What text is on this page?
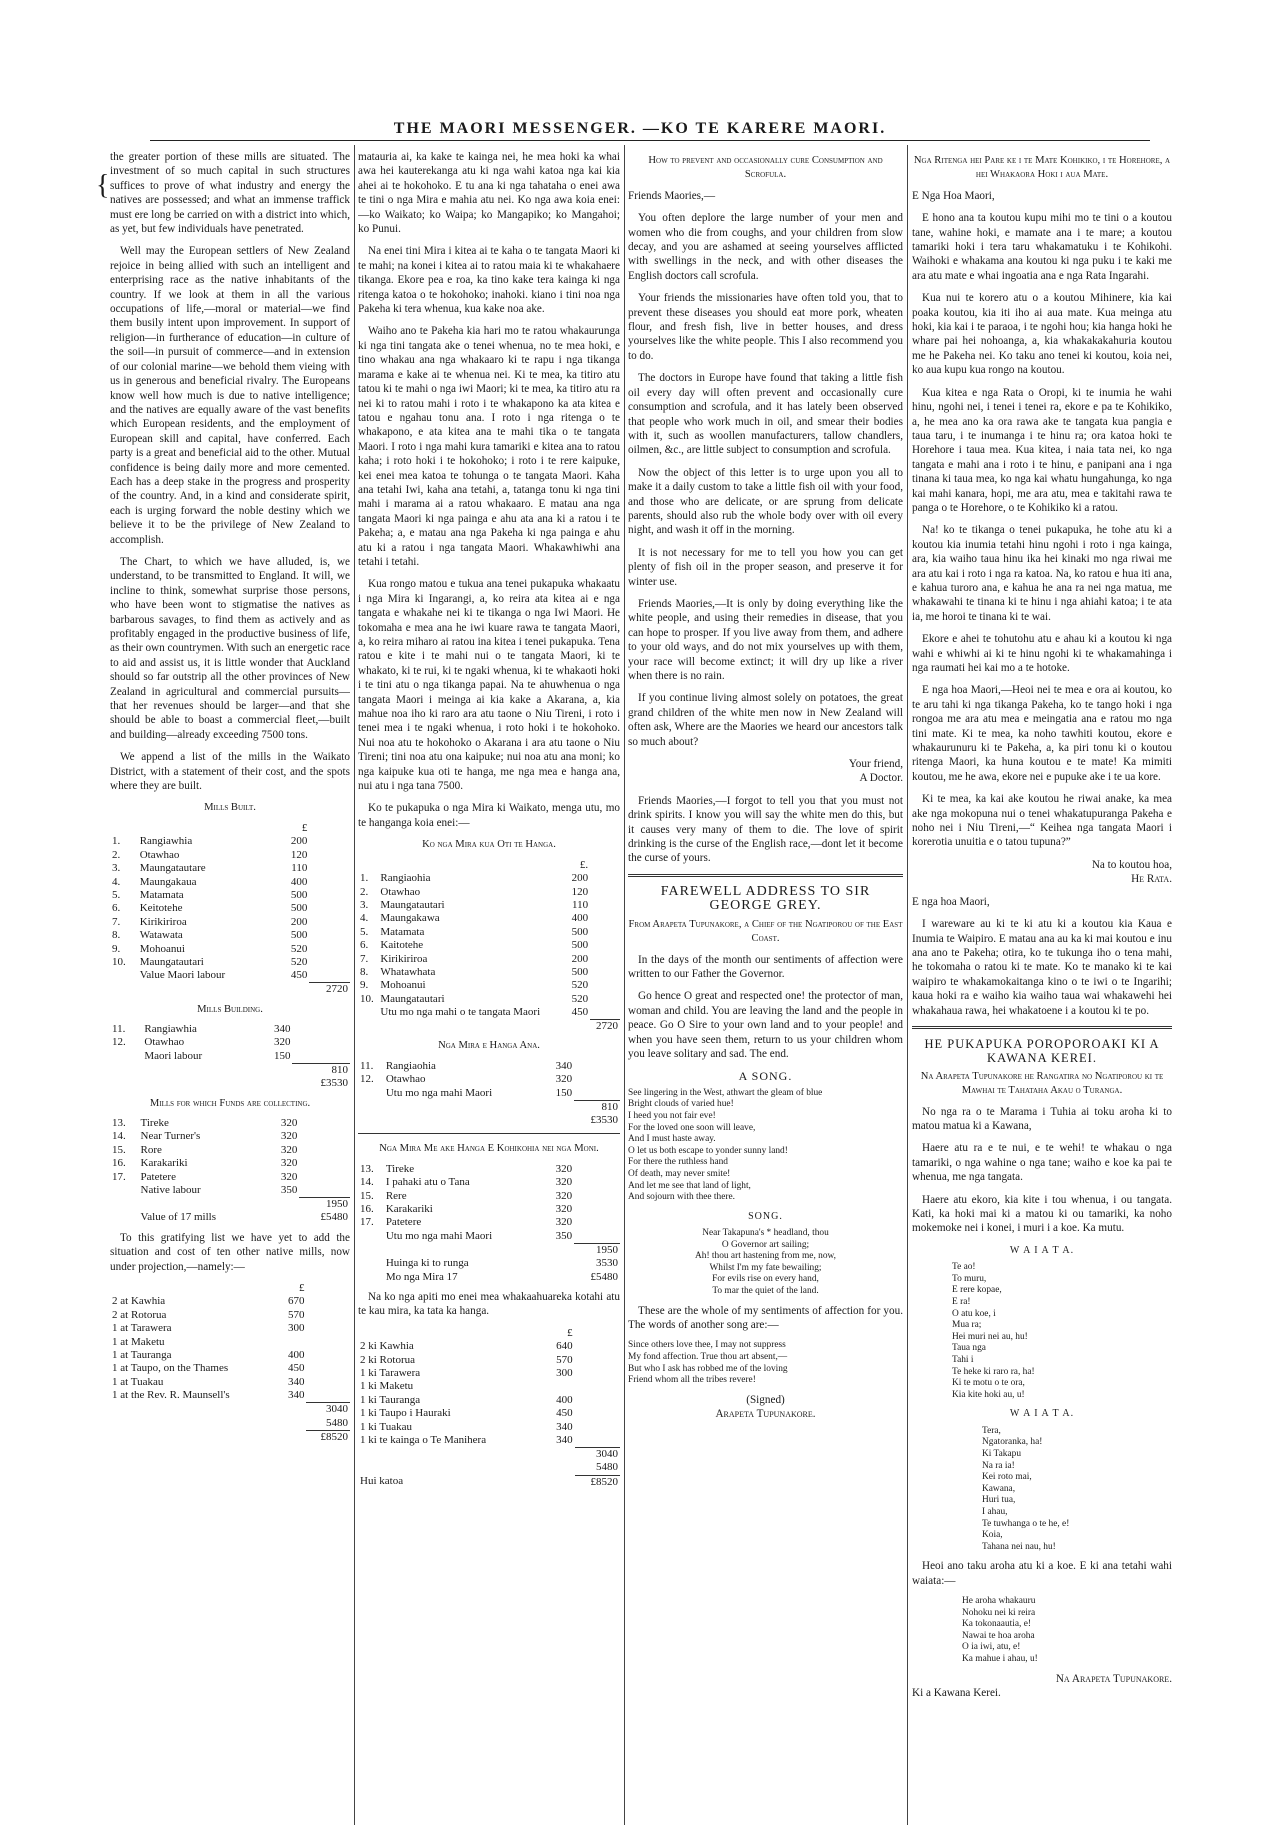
THE MAORI MESSENGER. —KO TE KARERE MAORI.
{

the greater portion of these mills are situated. The investment of so much capital in such structures suffices to prove of what industry and energy the natives are possessed; and what an immense traffick must ere long be carried on with a district into which, as yet, but few individuals have penetrated.

Well may the European settlers of New Zealand rejoice in being allied with such an intelligent and enterprising race as the native inhabitants of the country. If we look at them in all the various occupations of life,—moral or material—we find them busily intent upon improvement. In support of religion—in furtherance of education—in culture of the soil—in pursuit of commerce—and in extension of our colonial marine—we behold them vieing with us in generous and beneficial rivalry. The Europeans know well how much is due to native intelligence; and the natives are equally aware of the vast benefits which European residents, and the employment of European skill and capital, have conferred. Each party is a great and beneficial aid to the other. Mutual confidence is being daily more and more cemented. Each has a deep stake in the progress and prosperity of the country. And, in a kind and considerate spirit, each is urging forward the noble destiny which we believe it to be the privilege of New Zealand to accomplish.

The Chart, to which we have alluded, is, we understand, to be transmitted to England. It will, we incline to think, somewhat surprise those persons, who have been wont to stigmatise the natives as barbarous savages, to find them as actively and as profitably engaged in the productive business of life, as their own countrymen. With such an energetic race to aid and assist us, it is little wonder that Auckland should so far outstrip all the other provinces of New Zealand in agricultural and commercial pursuits—that her revenues should be larger—and that she should be able to boast a commercial fleet,—built and building—already exceeding 7500 tons.

We append a list of the mills in the Waikato District, with a statement of their cost, and the spots where they are built.

Mills Built.
		£	
1.	Rangiawhia	200	
2.	Otawhao	120	
3.	Maungatautare	110	
4.	Maungakaua	400	
5.	Matamata	500	
6.	Keitotehe	500	
7.	Kirikiriroa	200	
8.	Watawata	500	
9.	Mohoanui	520	
10.	Maungatautari	520	
	Value Maori labour	450	
			2720
Mills Building.
11.	Rangiawhia	340	
12.	Otawhao	320	
	Maori labour	150	
			810
			£3530
Mills for which Funds are collecting.
13.	Tireke	320	
14.	Near Turner's	320	
15.	Rore	320	
16.	Karakariki	320	
17.	Patetere	320	
	Native labour	350	
			1950
	Value of 17 mills		£5480

To this gratifying list we have yet to add the situation and cost of ten other native mills, now under projection,—namely:—

	£	
2 at Kawhia	670	
2 at Rotorua	570	
1 at Tarawera	300	
1 at Maketu		
1 at Tauranga	400	
1 at Taupo, on the Thames	450	
1 at Tuakau	340	
1 at the Rev. R. Maunsell's	340	
		3040
		5480
		£8520

matauria ai, ka kake te kainga nei, he mea hoki ka whai awa hei kauterekanga atu ki nga wahi katoa nga kai kia ahei ai te hokohoko. E tu ana ki nga tahataha o enei awa te tini o nga Mira e mahia atu nei. Ko nga awa koia enei:—ko Waikato; ko Waipa; ko Mangapiko; ko Mangahoi; ko Punui.

Na enei tini Mira i kitea ai te kaha o te tangata Maori ki te mahi; na konei i kitea ai to ratou maia ki te whakahaere tikanga. Ekore pea e roa, ka tino kake tera kainga ki nga ritenga katoa o te hokohoko; inahoki. kiano i tini noa nga Pakeha ki tera whenua, kua kake noa ake.

Waiho ano te Pakeha kia hari mo te ratou whakaurunga ki nga tini tangata ake o tenei whenua, no te mea hoki, e tino whakau ana nga whakaaro ki te rapu i nga tikanga marama e kake ai te whenua nei. Ki te mea, ka titiro atu tatou ki te mahi o nga iwi Maori; ki te mea, ka titiro atu ra nei ki to ratou mahi i roto i te whakapono ka ata kitea e tatou e ngahau tonu ana. I roto i nga ritenga o te whakapono, e ata kitea ana te mahi tika o te tangata Maori. I roto i nga mahi kura tamariki e kitea ana to ratou kaha; i roto hoki i te hokohoko; i roto i te rere kaipuke, kei enei mea katoa te tohunga o te tangata Maori. Kaha ana tetahi Iwi, kaha ana tetahi, a, tatanga tonu ki nga tini mahi i marama ai a ratou whakaaro. E matau ana nga tangata Maori ki nga painga e ahu ata ana ki a ratou i te Pakeha; a, e matau ana nga Pakeha ki nga painga e ahu atu ki a ratou i nga tangata Maori. Whakawhiwhi ana tetahi i tetahi.

Kua rongo matou e tukua ana tenei pukapuka whakaatu i nga Mira ki Ingarangi, a, ko reira ata kitea ai e nga tangata e whakahe nei ki te tikanga o nga Iwi Maori. He tokomaha e mea ana he iwi kuare rawa te tangata Maori, a, ko reira miharo ai ratou ina kitea i tenei pukapuka. Tena ratou e kite i te mahi nui o te tangata Maori, ki te whakato, ki te rui, ki te ngaki whenua, ki te whakaoti hoki i te tini atu o nga tikanga papai. Na te ahuwhenua o nga tangata Maori i meinga ai kia kake a Akarana, a, kia mahue noa iho ki raro ara atu taone o Niu Tireni, i roto i tenei mea i te ngaki whenua, i roto hoki i te hokohoko. Nui noa atu te hokohoko o Akarana i ara atu taone o Niu Tireni; tini noa atu ona kaipuke; nui noa atu ana moni; ko nga kaipuke kua oti te hanga, me nga mea e hanga ana, nui atu i nga tana 7500.

Ko te pukapuka o nga Mira ki Waikato, menga utu, mo te hanganga koia enei:—

Ko nga Mira kua Oti te Hanga.
		£.	
1.	Rangiaohia	200	
2.	Otawhao	120	
3.	Maungatautari	110	
4.	Maungakawa	400	
5.	Matamata	500	
6.	Kaitotehe	500	
7.	Kirikiriroa	200	
8.	Whatawhata	500	
9.	Mohoanui	520	
10.	Maungatautari	520	
	Utu mo nga mahi o te tangata Maori	450	
			2720
Nga Mira e Hanga Ana.
11.	Rangiaohia	340	
12.	Otawhao	320	
	Utu mo nga mahi Maori	150	
			810
			£3530
Nga Mira Me ake Hanga E Kohikohia nei nga Moni.
13.	Tireke	320	
14.	I pahaki atu o Tana	320	
15.	Rere	320	
16.	Karakariki	320	
17.	Patetere	320	
	Utu mo nga mahi Maori	350	
			1950
	Huinga ki to runga		3530
	Mo nga Mira 17		£5480

Na ko nga apiti mo enei mea whakaahuareka kotahi atu te kau mira, ka tata ka hanga.

	£	
2 ki Kawhia	640	
2 ki Rotorua	570	
1 ki Tarawera	300	
1 ki Maketu		
1 ki Tauranga	400	
1 ki Taupo i Hauraki	450	
1 ki Tuakau	340	
1 ki te kainga o Te Manihera	340	
		3040
		5480
Hui katoa		£8520
How to prevent and occasionally cure Consumption and Scrofula.

Friends Maories,—

You often deplore the large number of your men and women who die from coughs, and your children from slow decay, and you are ashamed at seeing yourselves afflicted with swellings in the neck, and with other diseases the English doctors call scrofula.

Your friends the missionaries have often told you, that to prevent these diseases you should eat more pork, wheaten flour, and fresh fish, live in better houses, and dress yourselves like the white people. This I also recommend you to do.

The doctors in Europe have found that taking a little fish oil every day will often prevent and occasionally cure consumption and scrofula, and it has lately been observed that people who work much in oil, and smear their bodies with it, such as woollen manufacturers, tallow chandlers, oilmen, &c., are little subject to consumption and scrofula.

Now the object of this letter is to urge upon you all to make it a daily custom to take a little fish oil with your food, and those who are delicate, or are sprung from delicate parents, should also rub the whole body over with oil every night, and wash it off in the morning.

It is not necessary for me to tell you how you can get plenty of fish oil in the proper season, and preserve it for winter use.

Friends Maories,—It is only by doing everything like the white people, and using their remedies in disease, that you can hope to prosper. If you live away from them, and adhere to your old ways, and do not mix yourselves up with them, your race will become extinct; it will dry up like a river when there is no rain.

If you continue living almost solely on potatoes, the great grand children of the white men now in New Zealand will often ask, Where are the Maories we heard our ancestors talk so much about?

Your friend,

A Doctor.

Friends Maories,—I forgot to tell you that you must not drink spirits. I know you will say the white men do this, but it causes very many of them to die. The love of spirit drinking is the curse of the English race,—dont let it become the curse of yours.

FAREWELL ADDRESS TO SIR GEORGE GREY.
From Arapeta Tupunakore, a Chief of the Ngatiporou of the East Coast.

In the days of the month our sentiments of affection were written to our Father the Governor.

Go hence O great and respected one! the protector of man, woman and child. You are leaving the land and the people in peace. Go O Sire to your own land and to your people! and when you have seen them, return to us your children whom you leave solitary and sad. The end.

A SONG.
See lingering in the West, athwart the gleam of blue
Bright clouds of varied hue!
I heed you not fair eve!
For the loved one soon will leave,
And I must haste away.
O let us both escape to yonder sunny land!
For there the ruthless hand
Of death, may never smite!
And let me see that land of light,
And sojourn with thee there.
SONG.
Near Takapuna's * headland, thou
O Governor art sailing;
Ah! thou art hastening from me, now,
Whilst I'm my fate bewailing;
For evils rise on every hand,
To mar the quiet of the land.

These are the whole of my sentiments of affection for you. The words of another song are:—

Since others love thee, I may not suppress
My fond affection. True thou art absent,—
But who I ask has robbed me of the loving
Friend whom all the tribes revere!

(Signed)

Arapeta Tupunakore.

Nga Ritenga hei Pare ke i te Mate Kohikiko, i te Horehore, a hei Whakaora Hoki i aua Mate.

E Nga Hoa Maori,

E hono ana ta koutou kupu mihi mo te tini o a koutou tane, wahine hoki, e mamate ana i te mare; a koutou tamariki hoki i tera taru whakamatuku i te Kohikohi. Waihoki e whakama ana koutou ki nga puku i te kaki me ara atu mate e whai ingoatia ana e nga Rata Ingarahi.

Kua nui te korero atu o a koutou Mihinere, kia kai poaka koutou, kia iti iho ai aua mate. Kua meinga atu hoki, kia kai i te paraoa, i te ngohi hou; kia hanga hoki he whare pai hei nohoanga, a, kia whakakakahuria koutou me he Pakeha nei. Ko taku ano tenei ki koutou, koia nei, ko aua kupu kua rongo na koutou.

Kua kitea e nga Rata o Oropi, ki te inumia he wahi hinu, ngohi nei, i tenei i tenei ra, ekore e pa te Kohikiko, a, he mea ano ka ora rawa ake te tangata kua pangia e taua taru, i te inumanga i te hinu ra; ora katoa hoki te Horehore i taua mea. Kua kitea, i naia tata nei, ko nga tangata e mahi ana i roto i te hinu, e panipani ana i nga tinana ki taua mea, ko nga kai whatu hungahunga, ko nga kai mahi kanara, hopi, me ara atu, mea e takitahi rawa te panga o te Horehore, o te Kohikiko ki a ratou.

Na! ko te tikanga o tenei pukapuka, he tohe atu ki a koutou kia inumia tetahi hinu ngohi i roto i nga kainga, ara, kia waiho taua hinu ika hei kinaki mo nga riwai me ara atu kai i roto i nga ra katoa. Na, ko ratou e hua iti ana, e kahua turoro ana, e kahua he ana ra nei nga matua, me whakawahi te tinana ki te hinu i nga ahiahi katoa; i te ata ia, me horoi te tinana ki te wai.

Ekore e ahei te tohutohu atu e ahau ki a koutou ki nga wahi e whiwhi ai ki te hinu ngohi ki te whakamahinga i nga raumati hei kai mo a te hotoke.

E nga hoa Maori,—Heoi nei te mea e ora ai koutou, ko te aru tahi ki nga tikanga Pakeha, ko te tango hoki i nga rongoa me ara atu mea e meingatia ana e ratou mo nga tini mate. Ki te mea, ka noho tawhiti koutou, ekore e whakaurunuru ki te Pakeha, a, ka piri tonu ki o koutou ritenga Maori, ka huna koutou e te mate! Ka mimiti koutou, me he awa, ekore nei e pupuke ake i te ua kore.

Ki te mea, ka kai ake koutou he riwai anake, ka mea ake nga mokopuna nui o tenei whakatupuranga Pakeha e noho nei i Niu Tireni,—“ Keihea nga tangata Maori i korerotia unuitia e o tatou tupuna?”

Na to koutou hoa,

He Rata.

E nga hoa Maori,

I wareware au ki te ki atu ki a koutou kia Kaua e Inumia te Waipiro. E matau ana au ka ki mai koutou e inu ana ano te Pakeha; otira, ko te tukunga iho o tena mahi, he tokomaha o ratou ki te mate. Ko te manako ki te kai waipiro te whakamokaitanga kino o te iwi o te Ingarihi; kaua hoki ra e waiho kia waiho taua wai whakawehi hei whakahaua rawa, hei whakatoene i a koutou ki te po.

HE PUKAPUKA POROPOROAKI KI A KAWANA KEREI.
Na Arapeta Tupunakore he Rangatira no Ngatiporou ki te Mawhai te Tahataha Akau o Turanga.

No nga ra o te Marama i Tuhia ai toku aroha ki to matou matua ki a Kawana,

Haere atu ra e te nui, e te wehi! te whakau o nga tamariki, o nga wahine o nga tane; waiho e koe ka pai te whenua, me nga tangata.

Haere atu ekoro, kia kite i tou whenua, i ou tangata. Kati, ka hoki mai ki a matou ki ou tamariki, ka noho mokemoke nei i konei, i muri i a koe. Ka mutu.

W A I A T A.
Te ao!
To muru,
E rere kopae,
E ra!
O atu koe, i
Mua ra;
Hei muri nei au, hu!
Taua nga
Tahi i
Te heke ki raro ra, ha!
Ki te motu o te ora,
Kia kite hoki au, u!
W A I A T A.
Tera,
Ngatoranka, ha!
Ki Takapu
Na ra ia!
Kei roto mai,
Kawana,
Huri tua,
I ahau,
Te tuwhanga o te he, e!
Koia,
Tahana nei nau, hu!

Heoi ano taku aroha atu ki a koe. E ki ana tetahi wahi waiata:—

He aroha whakauru
Nohoku nei ki reira
Ka tokonaautia, e!
Nawai te hoa aroha
O ia iwi, atu, e!
Ka mahue i ahau, u!

Na Arapeta Tupunakore.

Ki a Kawana Kerei.
